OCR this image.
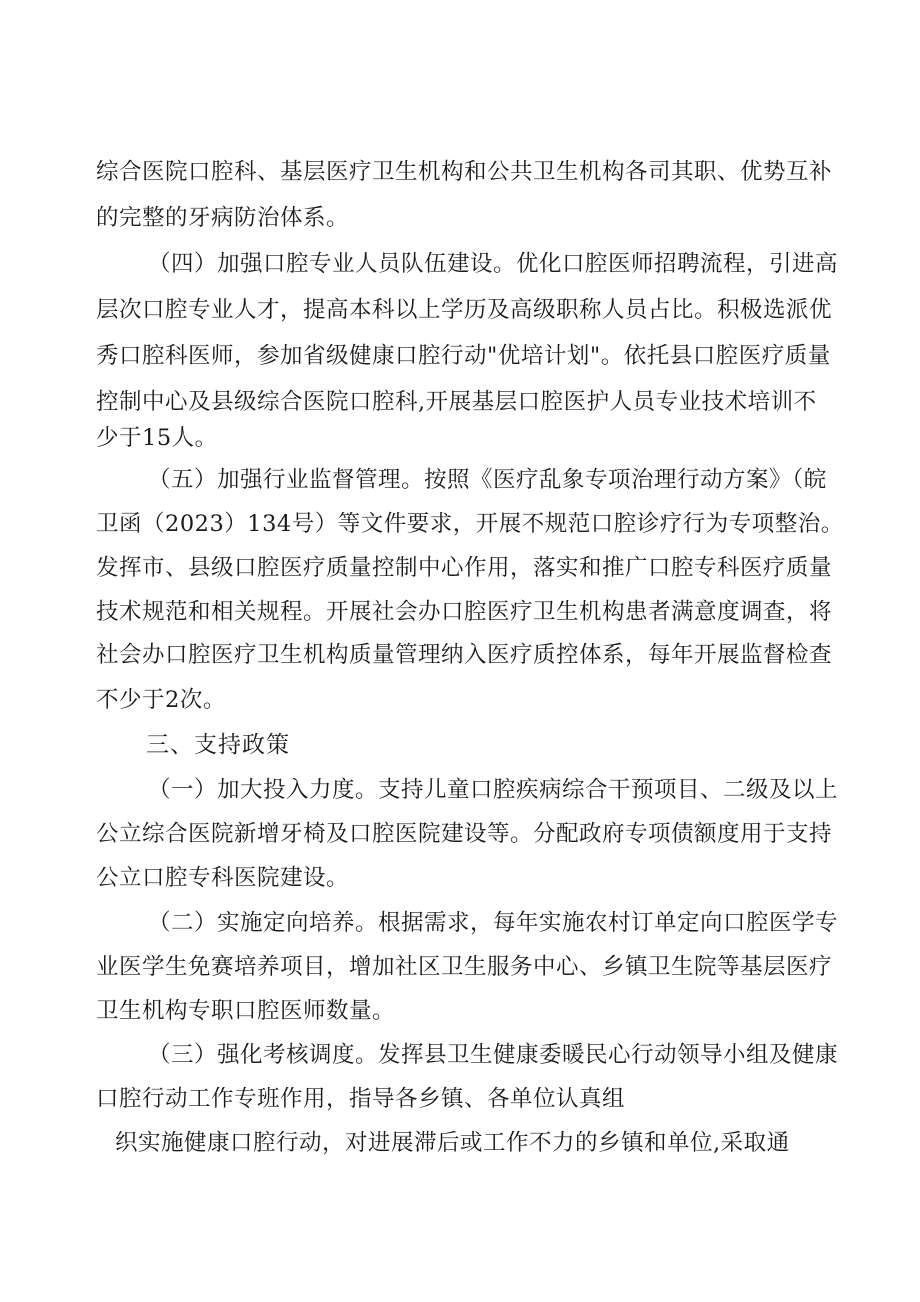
综合医院口腔科、基层医疗卫生机构和公共卫生机构各司其职、优势互补
的完整的牙病防治体系。
（四）加强口腔专业人员队伍建设。优化口腔医师招聘流程，引进高
层次口腔专业人才，提高本科以上学历及高级职称人员占比。积极选派优
秀口腔科医师，参加省级健康口腔行动"优培计划"。依托县口腔医疗质量
控制中心及县级综合医院口腔科,开展基层口腔医护人员专业技术培训不
少于15人。
（五）加强行业监督管理。按照《医疗乱象专项治理行动方案》（皖
卫函（2023）134号）等文件要求，开展不规范口腔诊疗行为专项整治。
发挥市、县级口腔医疗质量控制中心作用，落实和推广口腔专科医疗质量
技术规范和相关规程。开展社会办口腔医疗卫生机构患者满意度调查，将
社会办口腔医疗卫生机构质量管理纳入医疗质控体系，每年开展监督检查
不少于2次。
三、支持政策
（一）加大投入力度。支持儿童口腔疾病综合干预项目、二级及以上
公立综合医院新增牙椅及口腔医院建设等。分配政府专项债额度用于支持
公立口腔专科医院建设。
（二）实施定向培养。根据需求，每年实施农村订单定向口腔医学专
业医学生免赛培养项目，增加社区卫生服务中心、乡镇卫生院等基层医疗
卫生机构专职口腔医师数量。
（三）强化考核调度。发挥县卫生健康委暖民心行动领导小组及健康
口腔行动工作专班作用，指导各乡镇、各单位认真组
织实施健康口腔行动，对进展滞后或工作不力的乡镇和单位,采取通
